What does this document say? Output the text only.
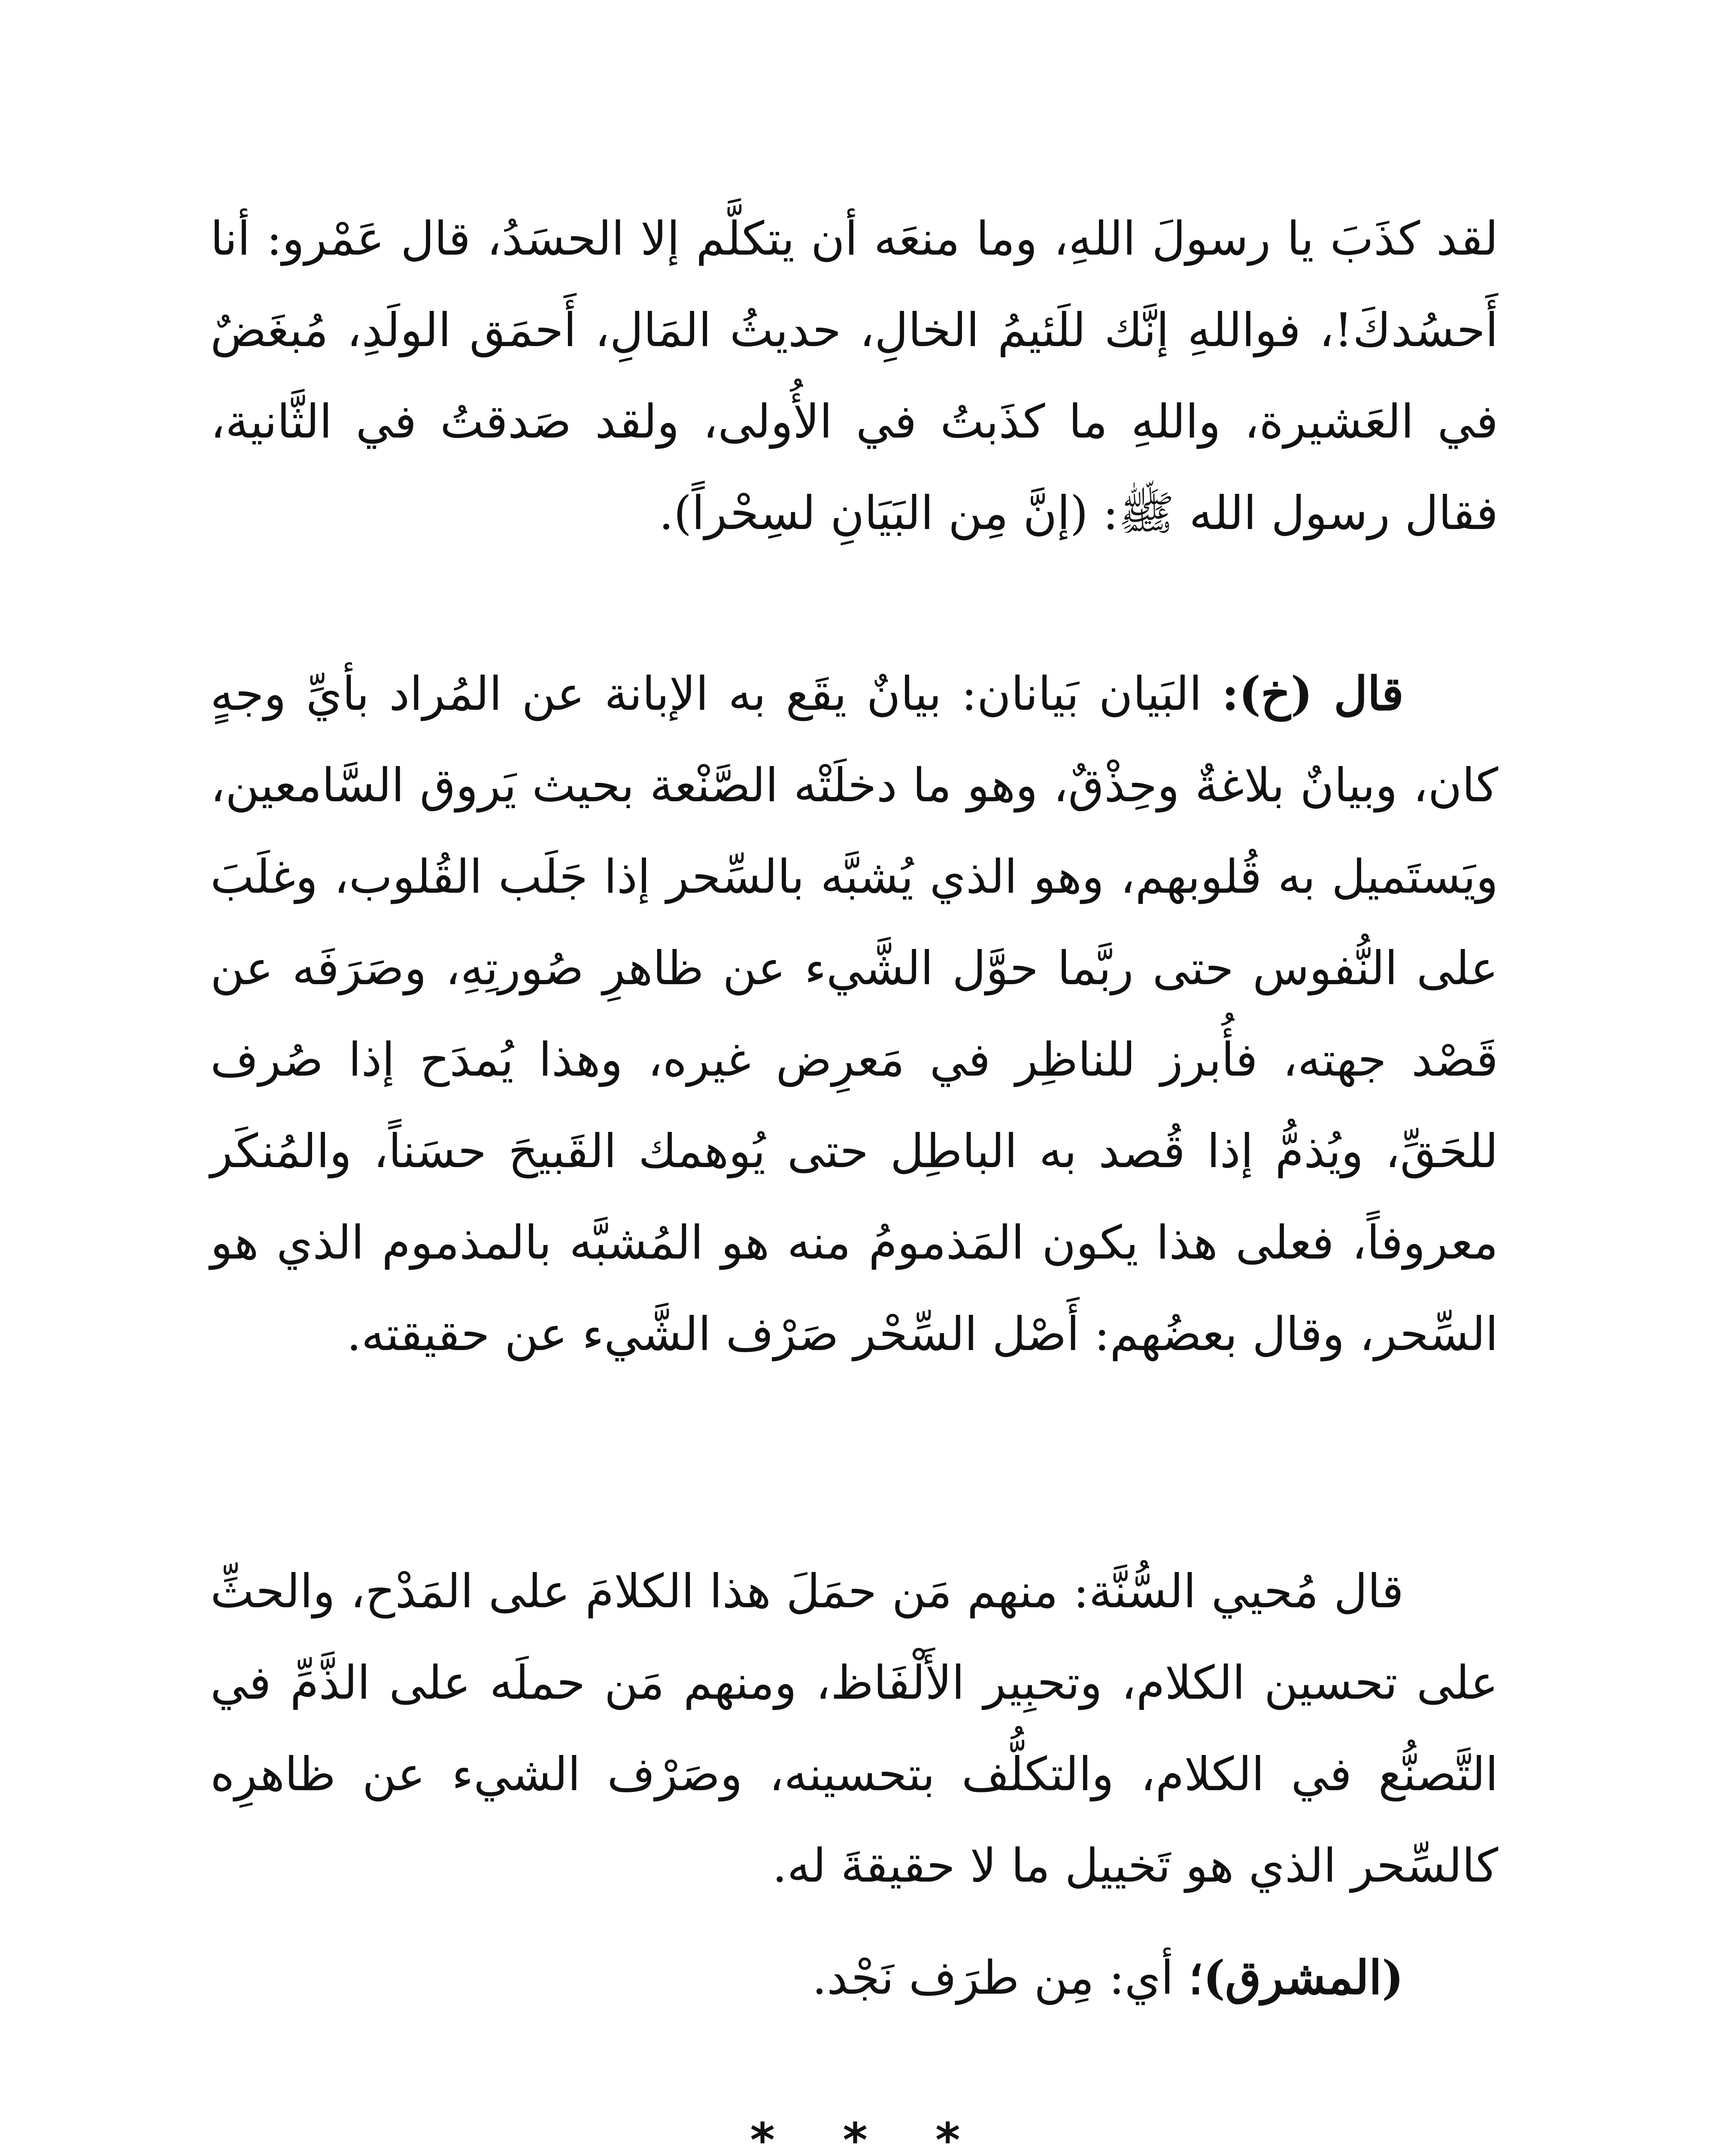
لقد كذَبَ يا رسولَ اللهِ، وما منعَه أن يتكلَّم إلا الحسَدُ، قال عَمْرو: أنا أَحسُدكَ!، فواللهِ إنَّك للَئيمُ الخالِ، حديثُ المَالِ، أَحمَق الولَدِ، مُبغَضٌ في العَشيرة، واللهِ ما كذَبتُ في الأُولى، ولقد صَدقتُ في الثَّانية، فقال رسول الله ﷺ: (إنَّ مِن البَيَانِ لسِحْراً).

قال (خ): البَيان بَيانان: بيانٌ يقَع به الإبانة عن المُراد بأيِّ وجهٍ كان، وبيانٌ بلاغةٌ وحِذْقٌ، وهو ما دخلَتْه الصَّنْعة بحيث يَروق السَّامعين، ويَستَميل به قُلوبهم، وهو الذي يُشبَّه بالسِّحر إذا جَلَب القُلوب، وغلَبَ على النُّفوس حتى ربَّما حوَّل الشَّيء عن ظاهرِ صُورتِهِ، وصَرَفَه عن قَصْد جهته، فأُبرز للناظِر في مَعرِض غيره، وهذا يُمدَح إذا صُرف للحَقِّ، ويُذمُّ إذا قُصد به الباطِل حتى يُوهمك القَبيحَ حسَناً، والمُنكَر معروفاً، فعلى هذا يكون المَذمومُ منه هو المُشبَّه بالمذموم الذي هو السِّحر، وقال بعضُهم: أَصْل السِّحْر صَرْف الشَّيء عن حقيقته.

قال مُحيي السُّنَّة: منهم مَن حمَلَ هذا الكلامَ على المَدْح، والحثِّ على تحسين الكلام، وتحبِير الأَلْفَاظ، ومنهم مَن حملَه على الذَّمِّ في التَّصنُّع في الكلام، والتكلُّف بتحسينه، وصَرْف الشيء عن ظاهرِه كالسِّحر الذي هو تَخييل ما لا حقيقةَ له.

(المشرق)؛ أي: مِن طرَف نَجْد.

* * *
